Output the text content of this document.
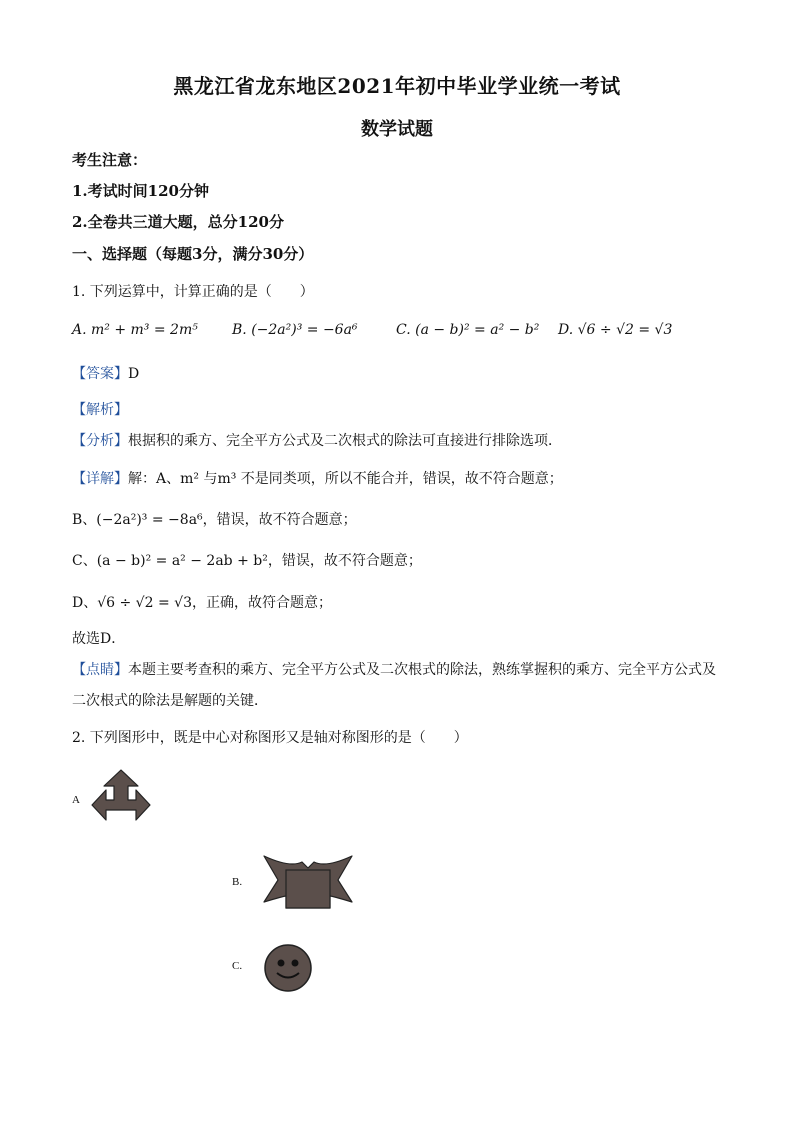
黑龙江省龙东地区2021年初中毕业学业统一考试
数学试题
考生注意：
1.考试时间120分钟
2.全卷共三道大题，总分120分
一、选择题（每题3分，满分30分）
1. 下列运算中，计算正确的是（　　）
A. m² + m³ = 2m⁵ B. (−2a²)³ = −6a⁶	C. (a − b)² = a² − b² D. √6 ÷ √2 = √3
【答案】D
【解析】
【分析】根据积的乘方、完全平方公式及二次根式的除法可直接进行排除选项．
【详解】解：A、m² 与m³ 不是同类项，所以不能合并，错误，故不符合题意；
B、(−2a²)³ = −8a⁶，错误，故不符合题意；
C、(a − b)² = a² − 2ab + b²，错误，故不符合题意；
D、√6 ÷ √2 = √3，正确，故符合题意；
故选D．
【点睛】本题主要考查积的乘方、完全平方公式及二次根式的除法，熟练掌握积的乘方、完全平方公式及
二次根式的除法是解题的关键．
2. 下列图形中，既是中心对称图形又是轴对称图形的是（　　）
A
B.
C.
